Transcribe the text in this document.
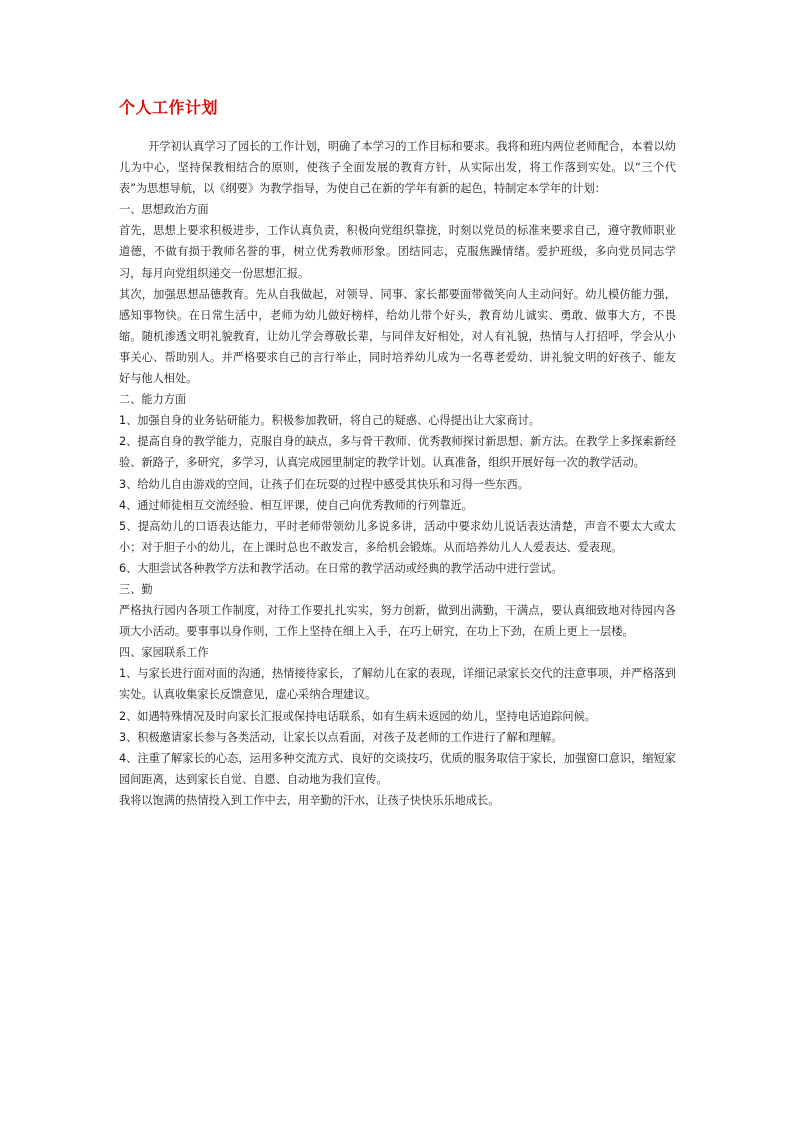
个人工作计划

开学初认真学习了园长的工作计划，明确了本学习的工作目标和要求。我将和班内两位老师配合，本着以幼儿为中心，坚持保教相结合的原则，使孩子全面发展的教育方针，从实际出发，将工作落到实处。以“三个代表”为思想导航，以《纲要》为教学指导，为使自己在新的学年有新的起色，特制定本学年的计划：

一、思想政治方面

首先，思想上要求积极进步，工作认真负责，积极向党组织靠拢，时刻以党员的标准来要求自己，遵守教师职业道德，不做有损于教师名誉的事，树立优秀教师形象。团结同志，克服焦躁情绪。爱护班级，多向党员同志学习，每月向党组织递交一份思想汇报。

其次，加强思想品德教育。先从自我做起，对领导、同事、家长都要面带微笑向人主动问好。幼儿模仿能力强，感知事物快。在日常生活中，老师为幼儿做好榜样，给幼儿带个好头，教育幼儿诚实、勇敢、做事大方，不畏缩。随机渗透文明礼貌教育，让幼儿学会尊敬长辈，与同伴友好相处，对人有礼貌，热情与人打招呼，学会从小事关心、帮助别人。并严格要求自己的言行举止，同时培养幼儿成为一名尊老爱幼、讲礼貌文明的好孩子、能友好与他人相处。

二、能力方面

1、加强自身的业务钻研能力。积极参加教研，将自己的疑惑、心得提出让大家商讨。

2、提高自身的教学能力，克服自身的缺点，多与骨干教师、优秀教师探讨新思想、新方法。在教学上多探索新经验、新路子，多研究，多学习，认真完成园里制定的教学计划。认真准备，组织开展好每一次的教学活动。

3、给幼儿自由游戏的空间，让孩子们在玩耍的过程中感受其快乐和习得一些东西。

4、通过师徒相互交流经验、相互评课，使自己向优秀教师的行列靠近。

5、提高幼儿的口语表达能力，平时老师带领幼儿多说多讲，活动中要求幼儿说话表达清楚，声音不要太大或太小；对于胆子小的幼儿，在上课时总也不敢发言，多给机会锻炼。从而培养幼儿人人爱表达、爱表现。

6、大胆尝试各种教学方法和教学活动。在日常的教学活动或经典的教学活动中进行尝试。

三、勤

严格执行园内各项工作制度，对待工作要扎扎实实，努力创新，做到出满勤，干满点，要认真细致地对待园内各项大小活动。要事事以身作则，工作上坚持在细上入手，在巧上研究，在功上下劲，在质上更上一层楼。

四、家园联系工作

1、与家长进行面对面的沟通，热情接待家长，了解幼儿在家的表现，详细记录家长交代的注意事项，并严格落到实处。认真收集家长反馈意见，虚心采纳合理建议。

2、如遇特殊情况及时向家长汇报或保持电话联系，如有生病未返园的幼儿，坚持电话追踪问候。

3、积极邀请家长参与各类活动，让家长以点看面，对孩子及老师的工作进行了解和理解。

4、注重了解家长的心态，运用多种交流方式、良好的交谈技巧，优质的服务取信于家长，加强窗口意识，缩短家园间距离，达到家长自觉、自愿、自动地为我们宣传。

我将以饱满的热情投入到工作中去，用辛勤的汗水，让孩子快快乐乐地成长。
